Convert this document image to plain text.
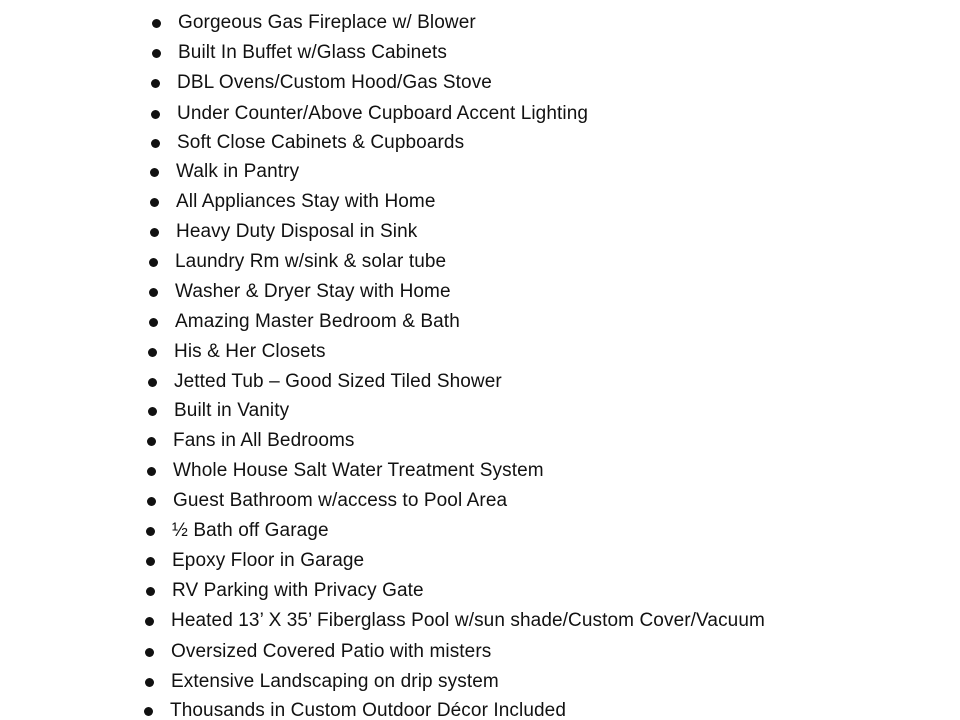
Gorgeous Gas Fireplace w/ Blower
Built In Buffet w/Glass Cabinets
DBL Ovens/Custom Hood/Gas Stove
Under Counter/Above Cupboard Accent Lighting
Soft Close Cabinets & Cupboards
Walk in Pantry
All Appliances Stay with Home
Heavy Duty Disposal in Sink
Laundry Rm w/sink & solar tube
Washer & Dryer Stay with Home
Amazing Master Bedroom & Bath
His & Her Closets
Jetted Tub – Good Sized Tiled Shower
Built in Vanity
Fans in All Bedrooms
Whole House Salt Water Treatment System
Guest Bathroom w/access to Pool Area
½ Bath off Garage
Epoxy Floor in Garage
RV Parking with Privacy Gate
Heated 13’ X 35’ Fiberglass Pool w/sun shade/Custom Cover/Vacuum
Oversized Covered Patio with misters
Extensive Landscaping on drip system
Thousands in Custom Outdoor Décor Included
